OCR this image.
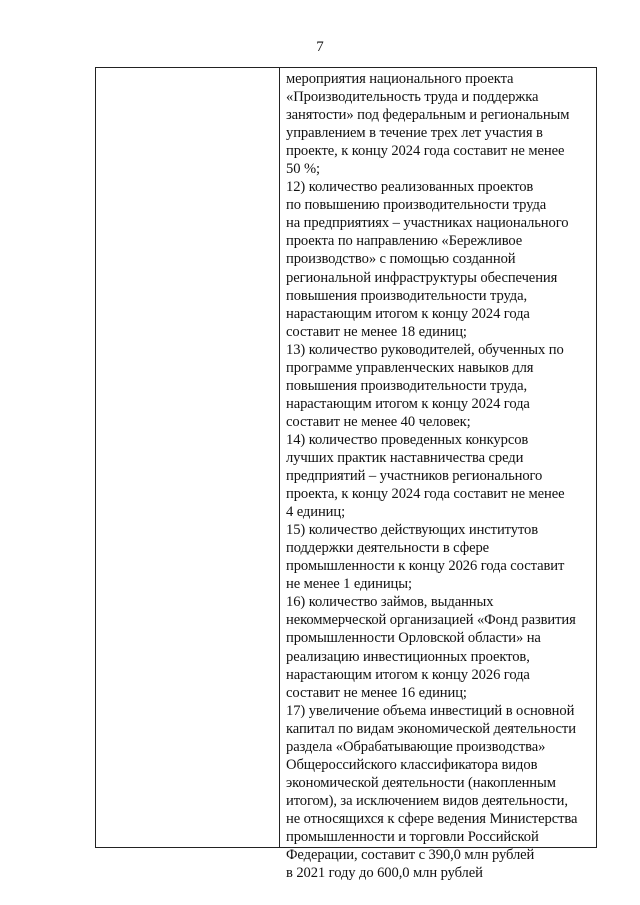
7
мероприятия национального проекта
«Производительность труда и поддержка
занятости» под федеральным и региональным
управлением в течение трех лет участия в
проекте, к концу 2024 года составит не менее
50 %;
12) количество реализованных проектов
по повышению производительности труда
на предприятиях – участниках национального
проекта по направлению «Бережливое
производство» с помощью созданной
региональной инфраструктуры обеспечения
повышения производительности труда,
нарастающим итогом к концу 2024 года
составит не менее 18 единиц;
13) количество руководителей, обученных по
программе управленческих навыков для
повышения производительности труда,
нарастающим итогом к концу 2024 года
составит не менее 40 человек;
14) количество проведенных конкурсов
лучших практик наставничества среди
предприятий – участников регионального
проекта, к концу 2024 года составит не менее
4 единиц;
15) количество действующих институтов
поддержки деятельности в сфере
промышленности к концу 2026 года составит
не менее 1 единицы;
16) количество займов, выданных
некоммерческой организацией «Фонд развития
промышленности Орловской области» на
реализацию инвестиционных проектов,
нарастающим итогом к концу 2026 года
составит не менее 16 единиц;
17) увеличение объема инвестиций в основной
капитал по видам экономической деятельности
раздела «Обрабатывающие производства»
Общероссийского классификатора видов
экономической деятельности (накопленным
итогом), за исключением видов деятельности,
не относящихся к сфере ведения Министерства
промышленности и торговли Российской
Федерации, составит с 390,0 млн рублей
в 2021 году до 600,0 млн рублей
